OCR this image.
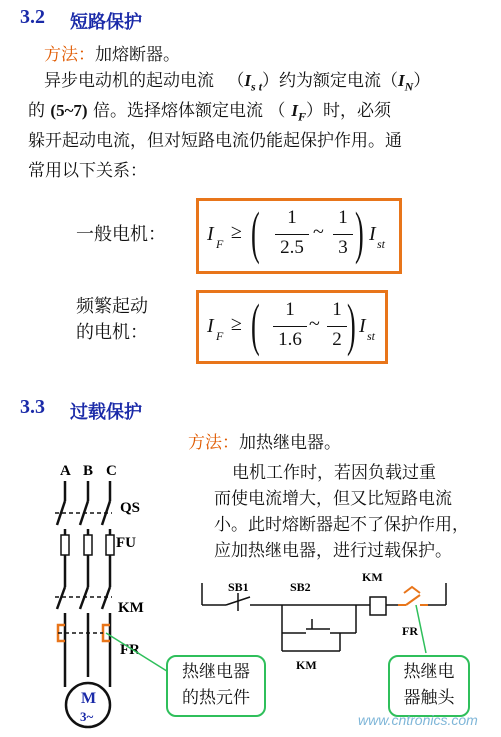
3.2 短路保护
方法：加熔断器。
异步电动机的起动电流 $(I_{s t})$约为额定电流$(I_N)$
的 (5~7) 倍。选择熔体额定电流 （ $I_F$）时，必须
躲开起动电流，但对短路电流仍能起保护作用。通
常用以下关系：
一般电机： I F
≥ (	1
2.5
~
1
3 ) I st
频繁起动
的电机：	I F
≥ (	1
1.6
~
1
2 ) I st
3.3 过载保护
方法：加热继电器。
电机工作时，若因负载过重
而使电流增大，但又比短路电流
小。此时熔断器起不了保护作用，
应加热继电器，进行过载保护。
A B C
M
3~
QS
FU
KM
FR
SB1	SB2
KM
KM
FR
热继电器
的热元件
热继电
器触头
www.cntronics.com
